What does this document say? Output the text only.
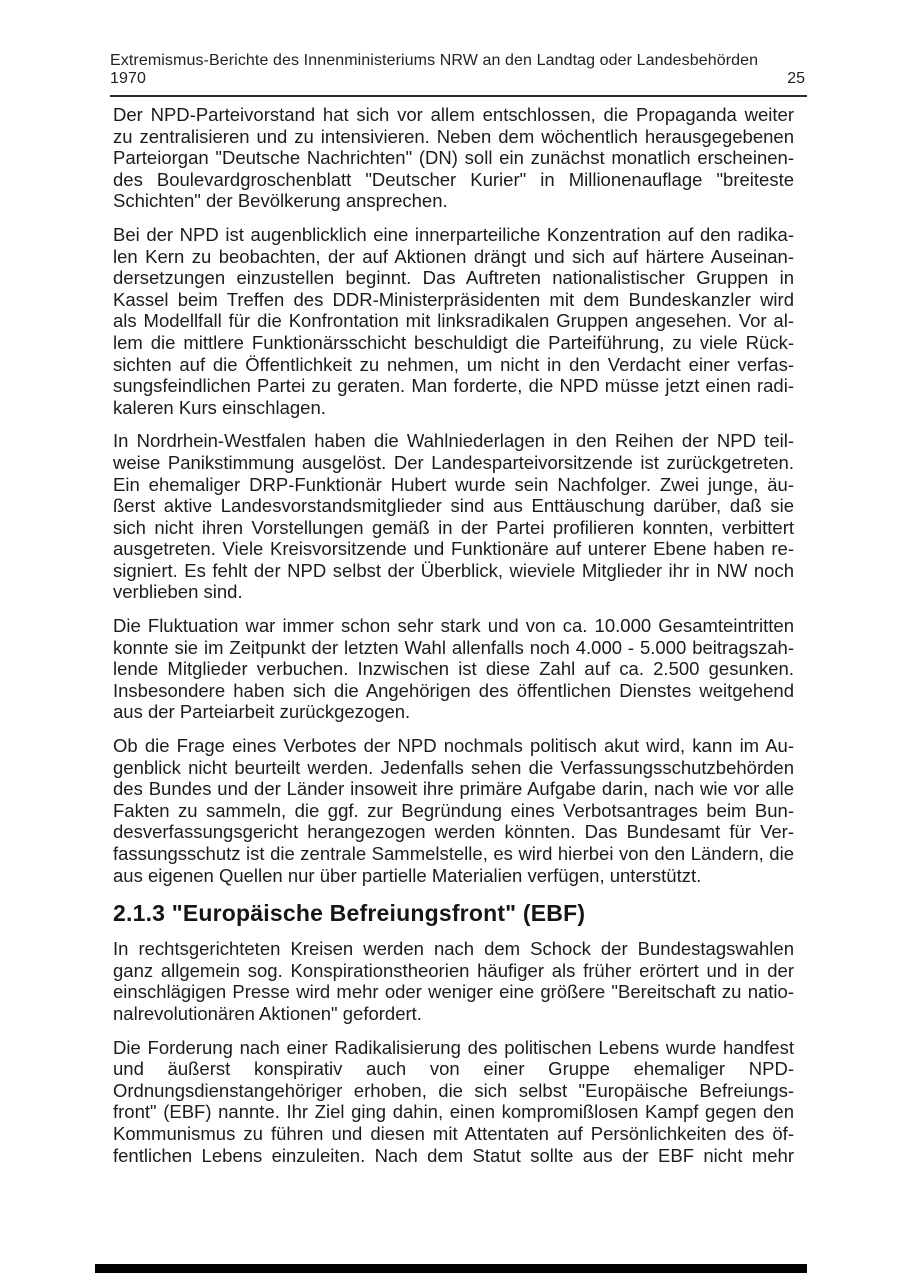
Extremismus-Berichte des Innenministeriums NRW an den Landtag oder Landesbehörden 1970	25
Der NPD-Parteivorstand hat sich vor allem entschlossen, die Propaganda weiter
zu zentralisieren und zu intensivieren. Neben dem wöchentlich herausgegebenen
Parteiorgan "Deutsche Nachrichten" (DN) soll ein zunächst monatlich erscheinen-
des Boulevardgroschenblatt "Deutscher Kurier" in Millionenauflage "breiteste
Schichten" der Bevölkerung ansprechen.
Bei der NPD ist augenblicklich eine innerparteiliche Konzentration auf den radika-
len Kern zu beobachten, der auf Aktionen drängt und sich auf härtere Auseinan-
dersetzungen einzustellen beginnt. Das Auftreten nationalistischer Gruppen in
Kassel beim Treffen des DDR-Ministerpräsidenten mit dem Bundeskanzler wird
als Modellfall für die Konfrontation mit linksradikalen Gruppen angesehen. Vor al-
lem die mittlere Funktionärsschicht beschuldigt die Parteiführung, zu viele Rück-
sichten auf die Öffentlichkeit zu nehmen, um nicht in den Verdacht einer verfas-
sungsfeindlichen Partei zu geraten. Man forderte, die NPD müsse jetzt einen radi-
kaleren Kurs einschlagen.
In Nordrhein-Westfalen haben die Wahlniederlagen in den Reihen der NPD teil-
weise Panikstimmung ausgelöst. Der Landesparteivorsitzende ist zurückgetreten.
Ein ehemaliger DRP-Funktionär Hubert wurde sein Nachfolger. Zwei junge, äu-
ßerst aktive Landesvorstandsmitglieder sind aus Enttäuschung darüber, daß sie
sich nicht ihren Vorstellungen gemäß in der Partei profilieren konnten, verbittert
ausgetreten. Viele Kreisvorsitzende und Funktionäre auf unterer Ebene haben re-
signiert. Es fehlt der NPD selbst der Überblick, wieviele Mitglieder ihr in NW noch
verblieben sind.
Die Fluktuation war immer schon sehr stark und von ca. 10.000 Gesamteintritten
konnte sie im Zeitpunkt der letzten Wahl allenfalls noch 4.000 - 5.000 beitragszah-
lende Mitglieder verbuchen. Inzwischen ist diese Zahl auf ca. 2.500 gesunken.
Insbesondere haben sich die Angehörigen des öffentlichen Dienstes weitgehend
aus der Parteiarbeit zurückgezogen.
Ob die Frage eines Verbotes der NPD nochmals politisch akut wird, kann im Au-
genblick nicht beurteilt werden. Jedenfalls sehen die Verfassungsschutzbehörden
des Bundes und der Länder insoweit ihre primäre Aufgabe darin, nach wie vor alle
Fakten zu sammeln, die ggf. zur Begründung eines Verbotsantrages beim Bun-
desverfassungsgericht herangezogen werden könnten. Das Bundesamt für Ver-
fassungsschutz ist die zentrale Sammelstelle, es wird hierbei von den Ländern, die
aus eigenen Quellen nur über partielle Materialien verfügen, unterstützt.
2.1.3 "Europäische Befreiungsfront" (EBF)
In rechtsgerichteten Kreisen werden nach dem Schock der Bundestagswahlen
ganz allgemein sog. Konspirationstheorien häufiger als früher erörtert und in der
einschlägigen Presse wird mehr oder weniger eine größere "Bereitschaft zu natio-
nalrevolutionären Aktionen" gefordert.
Die Forderung nach einer Radikalisierung des politischen Lebens wurde handfest
und äußerst konspirativ auch von einer Gruppe ehemaliger NPD-
Ordnungsdienstangehöriger erhoben, die sich selbst "Europäische Befreiungs-
front" (EBF) nannte. Ihr Ziel ging dahin, einen kompromißlosen Kampf gegen den
Kommunismus zu führen und diesen mit Attentaten auf Persönlichkeiten des öf-
fentlichen Lebens einzuleiten. Nach dem Statut sollte aus der EBF nicht mehr
